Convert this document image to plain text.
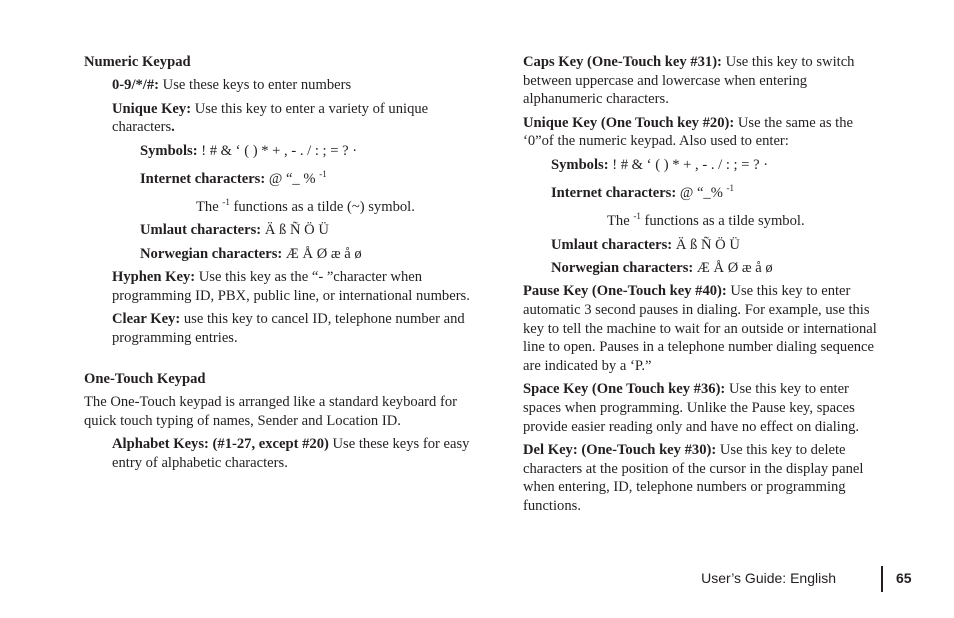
Numeric Keypad

0-9/*/#: Use these keys to enter numbers

Unique Key: Use this key to enter a variety of unique characters.

Symbols: ! # & ‘ ( ) * + , - . / : ; = ? ·

Internet characters: @ “_ % $^{-1}$

The $^{-1}$ functions as a tilde (~) symbol.

Umlaut characters: Ä ß Ñ Ö Ü

Norwegian characters: Æ Å Ø æ å ø

Hyphen Key: Use this key as the “- ”character when programming ID, PBX, public line, or international numbers.

Clear Key: use this key to cancel ID, telephone number and programming entries.

One-Touch Keypad

The One-Touch keypad is arranged like a standard keyboard for quick touch typing of names, Sender and Location ID.

Alphabet Keys: (#1-27, except #20) Use these keys for easy entry of alphabetic characters.

Caps Key (One-Touch key #31): Use this key to switch between uppercase and lowercase when entering alphanumeric characters.

Unique Key (One Touch key #20): Use the same as the ‘0”of the numeric keypad. Also used to enter:

Symbols: ! # & ‘ ( ) * + , - . / : ; = ? ·

Internet characters: @ “_% $^{-1}$

The $^{-1}$ functions as a tilde symbol.

Umlaut characters: Ä ß Ñ Ö Ü

Norwegian characters: Æ Å Ø æ å ø

Pause Key (One-Touch key #40): Use this key to enter automatic 3 second pauses in dialing. For example, use this key to tell the machine to wait for an outside or international line to open. Pauses in a telephone number dialing sequence are indicated by a ‘P.”

Space Key (One Touch key #36): Use this key to enter spaces when programming. Unlike the Pause key, spaces provide easier reading only and have no effect on dialing.

Del Key: (One-Touch key #30): Use this key to delete characters at the position of the cursor in the display panel when entering, ID, telephone numbers or programming functions.

User’s Guide: English	65
